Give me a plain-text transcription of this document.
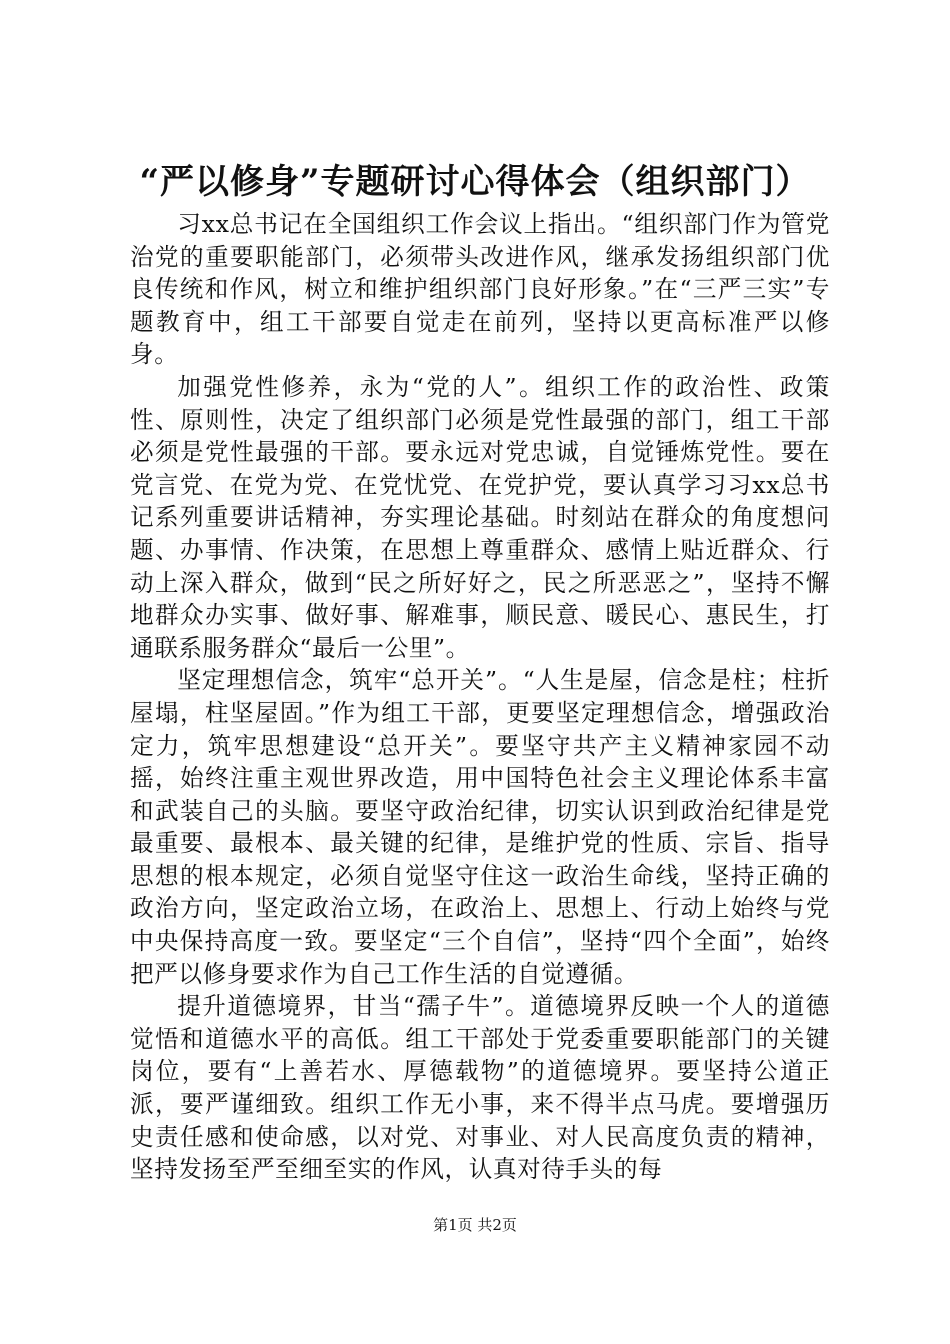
“严以修身”专题研讨心得体会（组织部门）

习xx总书记在全国组织工作会议上指出。“组织部门作为管党治党的重要职能部门，必须带头改进作风，继承发扬组织部门优良传统和作风，树立和维护组织部门良好形象。”在“三严三实”专题教育中，组工干部要自觉走在前列，坚持以更高标准严以修身。

加强党性修养，永为“党的人”。组织工作的政治性、政策性、原则性，决定了组织部门必须是党性最强的部门，组工干部必须是党性最强的干部。要永远对党忠诚，自觉锤炼党性。要在党言党、在党为党、在党忧党、在党护党，要认真学习习xx总书记系列重要讲话精神，夯实理论基础。时刻站在群众的角度想问题、办事情、作决策，在思想上尊重群众、感情上贴近群众、行动上深入群众，做到“民之所好好之，民之所恶恶之”，坚持不懈地群众办实事、做好事、解难事，顺民意、暖民心、惠民生，打通联系服务群众“最后一公里”。

坚定理想信念，筑牢“总开关”。“人生是屋，信念是柱；柱折屋塌，柱坚屋固。”作为组工干部，更要坚定理想信念，增强政治定力，筑牢思想建设“总开关”。要坚守共产主义精神家园不动摇，始终注重主观世界改造，用中国特色社会主义理论体系丰富和武装自己的头脑。要坚守政治纪律，切实认识到政治纪律是党最重要、最根本、最关键的纪律，是维护党的性质、宗旨、指导思想的根本规定，必须自觉坚守住这一政治生命线，坚持正确的政治方向，坚定政治立场，在政治上、思想上、行动上始终与党中央保持高度一致。要坚定“三个自信”，坚持“四个全面”，始终把严以修身要求作为自己工作生活的自觉遵循。

提升道德境界，甘当“孺子牛”。道德境界反映一个人的道德觉悟和道德水平的高低。组工干部处于党委重要职能部门的关键岗位，要有“上善若水、厚德载物”的道德境界。要坚持公道正派，要严谨细致。组织工作无小事，来不得半点马虎。要增强历史责任感和使命感，以对党、对事业、对人民高度负责的精神，坚持发扬至严至细至实的作风，认真对待手头的每

第1页 共2页
